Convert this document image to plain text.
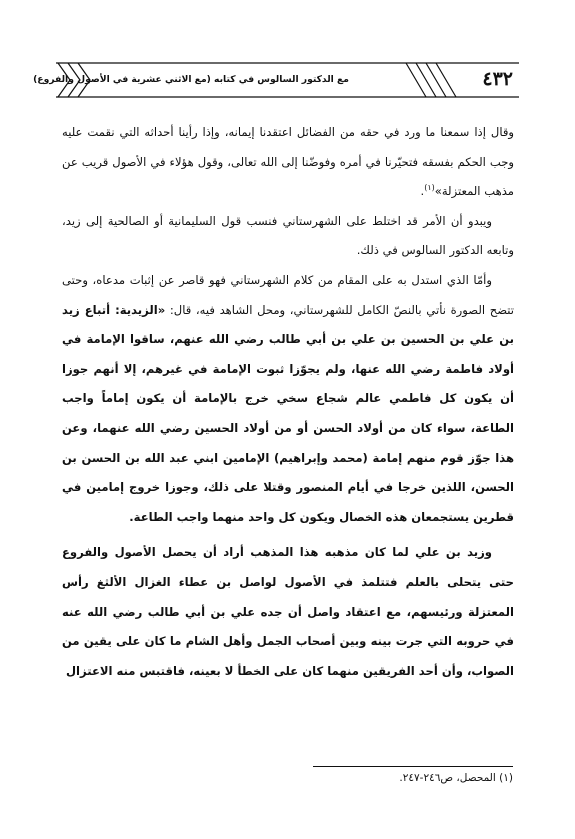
٤٣٢
مع الدكتور السالوس في كتابه (مع الاثني عشرية في الأصول والفروع)

وقال إذا سمعنا ما ورد في حقه من الفضائل اعتقدنا إيمانه، وإذا رأينا أحداثه التي نقمت عليه وجب الحكم بفسقه فتحيّرنا في أمره وفوضّنا إلى الله تعالى، وقول هؤلاء في الأصول قريب عن مذهب المعتزلة»$^{(١)}$.

ويبدو أن الأمر قد اختلط على الشهرستاني فنسب قول السليمانية أو الصالحية إلى زيد، وتابعه الدكتور السالوس في ذلك.

وأمّا الذي استدل به على المقام من كلام الشهرستاني فهو قاصر عن إثبات مدعاه، وحتى تتضح الصورة نأتي بالنصّ الكامل للشهرستاني، ومحل الشاهد فيه، قال: «الزيدية: أتباع زيد بن علي بن الحسين بن علي بن أبي طالب رضي الله عنهم، ساقوا الإمامة في أولاد فاطمة رضي الله عنها، ولم يجوّزا ثبوت الإمامة في غيرهم، إلا أنهم جوزا أن يكون كل فاطمي عالم شجاع سخي خرج بالإمامة أن يكون إماماً واجب الطاعة، سواء كان من أولاد الحسن أو من أولاد الحسين رضي الله عنهما، وعن هذا جوّز قوم منهم إمامة (محمد وإبراهيم) الإمامين ابني عبد الله بن الحسن بن الحسن، اللذين خرجا في أيام المنصور وقتلا على ذلك، وجوزا خروج إمامين في قطرين يستجمعان هذه الخصال ويكون كل واحد منهما واجب الطاعة.

وزيد بن علي لما كان مذهبه هذا المذهب أراد أن يحصل الأصول والفروع حتى يتحلى بالعلم فتتلمذ في الأصول لواصل بن عطاء الغزال الألثغ رأس المعتزلة ورئيسهم، مع اعتقاد واصل أن جده علي بن أبي طالب رضي الله عنه في حروبه التي جرت بينه وبين أصحاب الجمل وأهل الشام ما كان على يقين من الصواب، وأن أحد الفريقين منهما كان على الخطأ لا بعينه، فاقتبس منه الاعتزال

(١) المحصل، ص٢٤٦-٢٤٧.
